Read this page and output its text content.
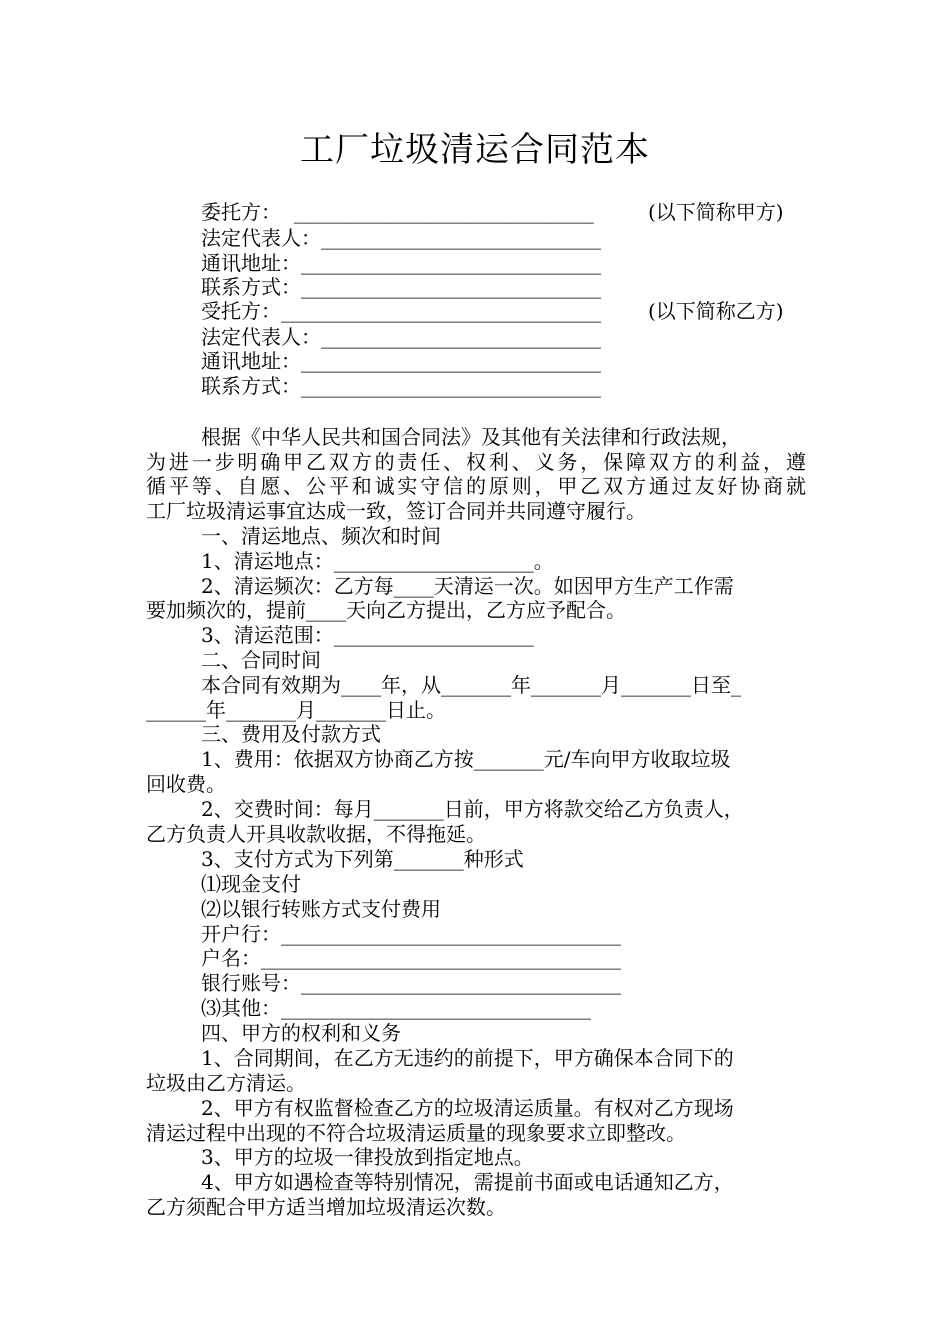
工厂垃圾清运合同范本
委托方：  ______________________________	(以下简称甲方)
法定代表人：____________________________
通讯地址：______________________________
联系方式：______________________________
受托方：________________________________ (以下简称乙方)
法定代表人：____________________________
通讯地址：______________________________
联系方式：______________________________
根据《中华人民共和国合同法》及其他有关法律和行政法规，
为进一步明确甲乙双方的责任、权利、义务，保障双方的利益，遵
循平等、自愿、公平和诚实守信的原则，甲乙双方通过友好协商就
工厂垃圾清运事宜达成一致，签订合同并共同遵守履行。
一、清运地点、频次和时间
1、清运地点：____________________。
2、清运频次：乙方每____天清运一次。如因甲方生产工作需
要加频次的，提前____天向乙方提出，乙方应予配合。
3、清运范围：____________________
二、合同时间
本合同有效期为____年，从_______年_______月_______日至_
______年_______月_______日止。
三、费用及付款方式
1、费用：依据双方协商乙方按_______元/车向甲方收取垃圾
回收费。
2、交费时间：每月_______日前，甲方将款交给乙方负责人，
乙方负责人开具收款收据，不得拖延。
3、支付方式为下列第_______种形式
⑴现金支付
⑵以银行转账方式支付费用
开户行：__________________________________
户名：____________________________________
银行账号：________________________________
⑶其他：_______________________________
四、甲方的权利和义务
1、合同期间，在乙方无违约的前提下，甲方确保本合同下的
垃圾由乙方清运。
2、甲方有权监督检查乙方的垃圾清运质量。有权对乙方现场
清运过程中出现的不符合垃圾清运质量的现象要求立即整改。
3、甲方的垃圾一律投放到指定地点。
4、甲方如遇检查等特别情况，需提前书面或电话通知乙方，
乙方须配合甲方适当增加垃圾清运次数。
